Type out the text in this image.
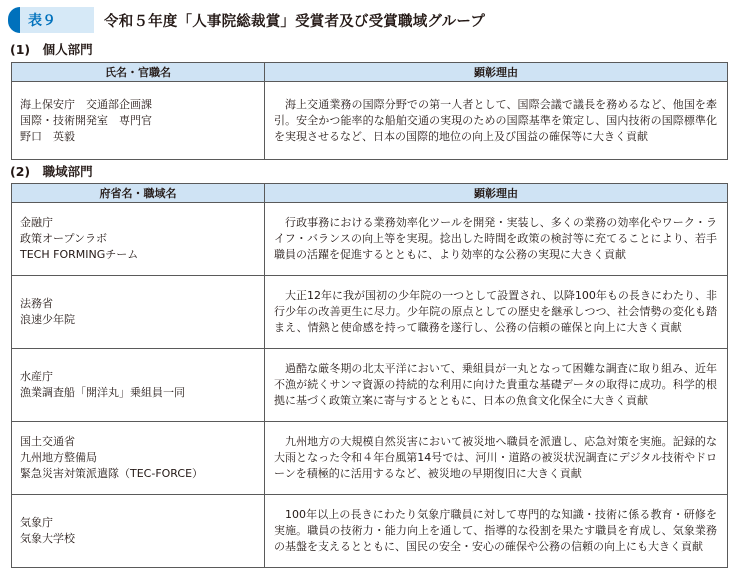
表９	令和５年度「人事院総裁賞」受賞者及び受賞職域グループ
(1)　個人部門
氏名・官職名	顕彰理由

海上保安庁　交通部企画課
国際・技術開発室　専門官
野口　英毅	海上交通業務の国際分野での第一人者として、国際会議で議長を務めるなど、他国を牽引。安全かつ能率的な船舶交通の実現のための国際基準を策定し、国内技術の国際標準化を実現させるなど、日本の国際的地位の向上及び国益の確保等に大きく貢献
(2)　職域部門
府省名・職域名	顕彰理由

金融庁
政策オープンラボ
TECH FORMINGチーム	行政事務における業務効率化ツールを開発・実装し、多くの業務の効率化やワーク・ライフ・バランスの向上等を実現。捻出した時間を政策の検討等に充てることにより、若手職員の活躍を促進するとともに、より効率的な公務の実現に大きく貢献

法務省
浪速少年院	大正12年に我が国初の少年院の一つとして設置され、以降100年もの長きにわたり、非行少年の改善更生に尽力。少年院の原点としての歴史を継承しつつ、社会情勢の変化も踏まえ、情熱と使命感を持って職務を遂行し、公務の信頼の確保と向上に大きく貢献

水産庁
漁業調査船「開洋丸」乗組員一同	過酷な厳冬期の北太平洋において、乗組員が一丸となって困難な調査に取り組み、近年不漁が続くサンマ資源の持続的な利用に向けた貴重な基礎データの取得に成功。科学的根拠に基づく政策立案に寄与するとともに、日本の魚食文化保全に大きく貢献

国土交通省
九州地方整備局
緊急災害対策派遣隊（TEC-FORCE）	九州地方の大規模自然災害において被災地へ職員を派遣し、応急対策を実施。記録的な大雨となった令和４年台風第14号では、河川・道路の被災状況調査にデジタル技術やドローンを積極的に活用するなど、被災地の早期復旧に大きく貢献

気象庁
気象大学校	100年以上の長きにわたり気象庁職員に対して専門的な知識・技術に係る教育・研修を実施。職員の技術力・能力向上を通して、指導的な役割を果たす職員を育成し、気象業務の基盤を支えるとともに、国民の安全・安心の確保や公務の信頼の向上にも大きく貢献
